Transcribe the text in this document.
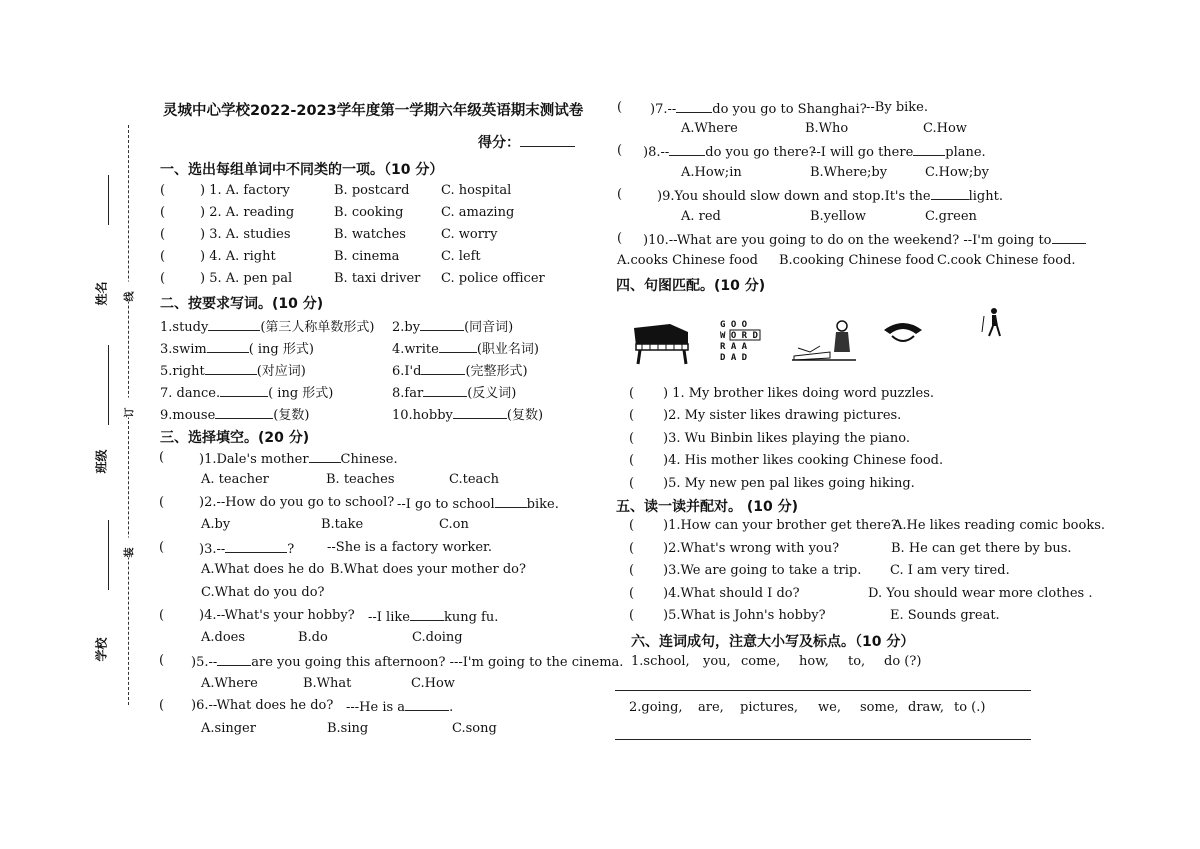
姓名
班级
学校
线
订
装
灵城中心学校2022-2023学年度第一学期六年级英语期末测试卷
得分：
一、选出每组单词中不同类的一项。（10 分）
(	) 1. A. factory	B. postcard C. hospital
(	) 2. A. reading	B. cooking	C. amazing
(	) 3. A. studies	B. watches	C. worry
(	) 4. A. right	B. cinema	C. left
(	) 5. A. pen pal	B. taxi driver C. police officer
二、按要求写词。(10 分)
1.study	(第三人称单数形式) 2.by	(同音词)
3.swim	( ing 形式)	4.write	(职业名词)
5.right	(对应词)	6.I'd	(完整形式)
7. dance.	( ing 形式)	8.far	(反义词)
9.mouse	(复数)	10.hobby	(复数)
三、选择填空。(20 分)
(	)1.Dale's mother Chinese.
A. teacher	B. teaches	C.teach
(	)2.--How do you go to school? --I go to school bike.
A.by	B.take	C.on
(	)3.--	?	--She is a factory worker.
A.What does he do B.What does your mother do?
C.What do you do?
(	)4.--What's your hobby? --I like	kung fu.
A.does	B.do	C.doing
( )5.--	are you going this afternoon? ---I'm going to the cinema.
A.Where	B.What	C.How
( )6.--What does he do? ---He is a	.
A.singer	B.sing	C.song
( )7.--	do you go to Shanghai? --By bike.
A.Where	B.Who	C.How
( )8.--	do you go there?
--I will go there plane.
A.How;in	B.Where;by	C.How;by
(	)9.You should slow down and stop.It's the	light.
A. red	B.yellow	C.green
( )10.--What are you going to do on the weekend? --I'm going to
A.cooks Chinese food B.cooking Chinese food C.cook Chinese food.
四、句图匹配。(10 分)
G O O
W O R D
R A A
D A D
( ) 1. My brother likes doing word puzzles.
( )2. My sister likes drawing pictures.
( )3. Wu Binbin likes playing the piano.
( )4. His mother likes cooking Chinese food.
( )5. My new pen pal likes going hiking.
五、读一读并配对。 (10 分)
( )1.How can your brother get there?
A.He likes reading comic books.
( )2.What's wrong with you?	B. He can get there by bus.
( )3.We are going to take a trip. C. I am very tired.
( )4.What should I do?	D. You should wear more clothes .
( )5.What is John's hobby?	E. Sounds great.
六、连词成句，注意大小写及标点。（10 分）
1.school, you, come, how, to, do (?)
2.going, are, pictures, we, some, draw, to (.)
